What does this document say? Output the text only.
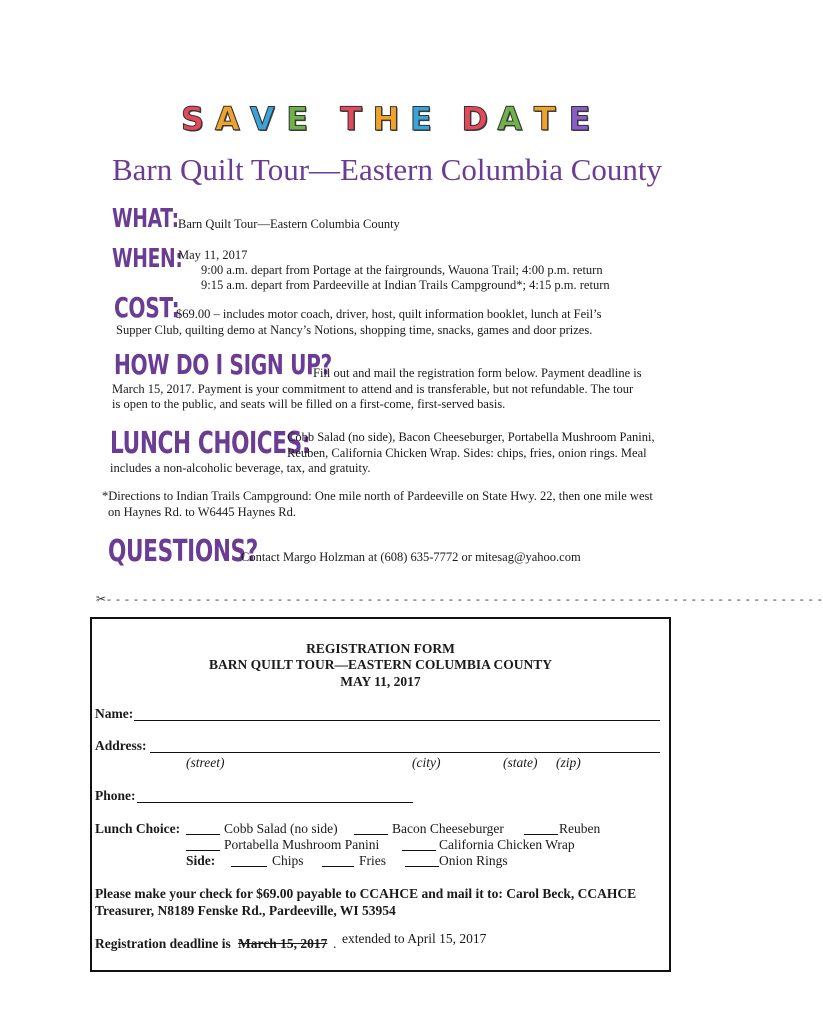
S A V E T H E D A T E
Barn Quilt Tour—Eastern Columbia County
WHAT: Barn Quilt Tour—Eastern Columbia County
WHEN:
May 11, 2017
9:00 a.m. depart from Portage at the fairgrounds, Wauona Trail; 4:00 p.m. return
9:15 a.m. depart from Pardeeville at Indian Trails Campground*; 4:15 p.m. return
COST:
$69.00 – includes motor coach, driver, host, quilt information booklet, lunch at Feil’s
Supper Club, quilting demo at Nancy’s Notions, shopping time, snacks, games and door prizes.
HOW DO I SIGN UP?
Fill out and mail the registration form below. Payment deadline is
March 15, 2017. Payment is your commitment to attend and is transferable, but not refundable. The tour
is open to the public, and seats will be filled on a first-come, first-served basis.
LUNCH CHOICES:
Cobb Salad (no side), Bacon Cheeseburger, Portabella Mushroom Panini,
Reuben, California Chicken Wrap. Sides: chips, fries, onion rings. Meal
includes a non-alcoholic beverage, tax, and gratuity.
*Directions to Indian Trails Campground: One mile north of Pardeeville on State Hwy. 22, then one mile west
on Haynes Rd. to W6445 Haynes Rd.
QUESTIONS?
Contact Margo Holzman at (608) 635-7772 or mitesag@yahoo.com
✂- - - - - - - - - - - - - - - - - - - - - - - - - - - - - - - - - - - - - - - - - - - - - - - - - - - - - - - - - - - - - - - - - - - - - - - - - - - - - - - -
REGISTRATION FORM
BARN QUILT TOUR—EASTERN COLUMBIA COUNTY
MAY 11, 2017
Name:
Address:
(street)	(city)	(state) (zip)
Phone:
Lunch Choice:	Cobb Salad (no side)	Bacon Cheeseburger	Reuben
Portabella Mushroom Panini	California Chicken Wrap
Side:	Chips	Fries	Onion Rings
Please make your check for $69.00 payable to CCAHCE and mail it to: Carol Beck, CCAHCE
Treasurer, N8189 Fenske Rd., Pardeeville, WI 53954
Registration deadline is March 15, 2017 . extended to April 15, 2017
